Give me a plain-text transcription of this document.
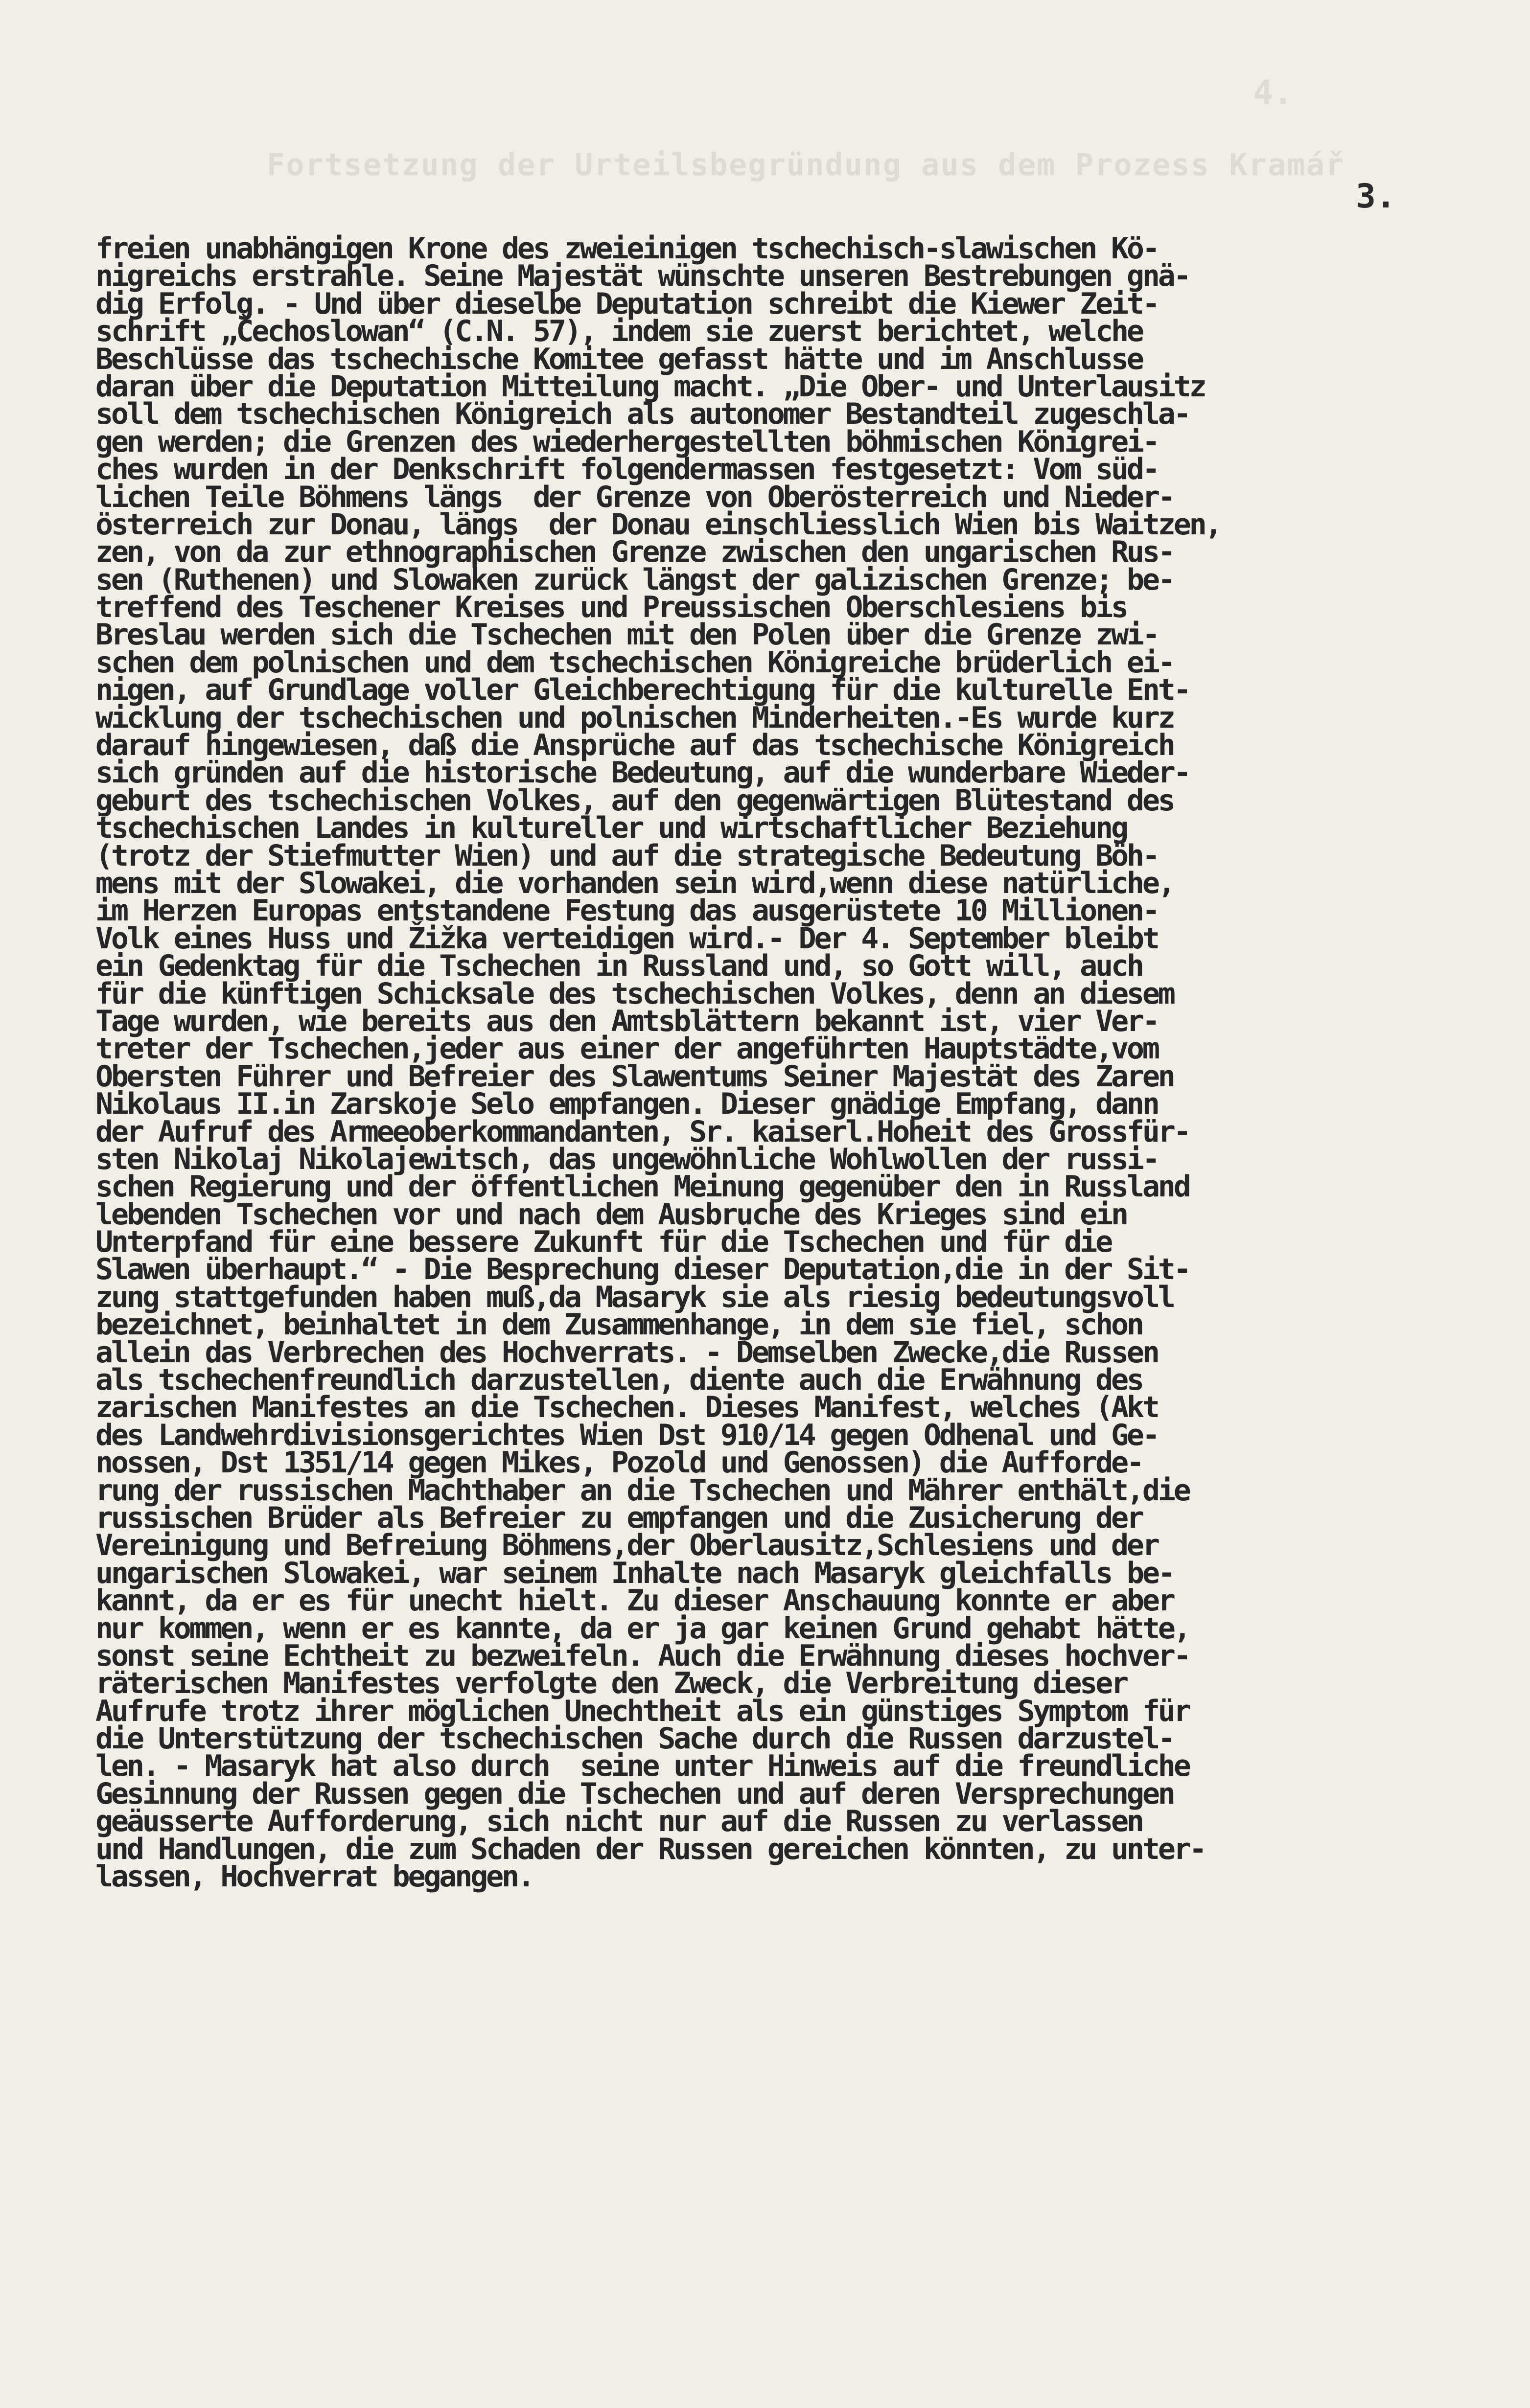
4.
Fortsetzung der Urteilsbegründung aus dem Prozess Kramář
3.
freien unabhängigen Krone des zweieinigen tschechisch-slawischen Kö-
nigreichs erstrahle. Seine Majestät wünschte unseren Bestrebungen gnä-
dig Erfolg. - Und über dieselbe Deputation schreibt die Kiewer Zeit-
schrift „Čechoslowan“ (C.N. 57), indem sie zuerst berichtet, welche
Beschlüsse das tschechische Komitee gefasst hätte und im Anschlusse
daran über die Deputation Mitteilung macht. „Die Ober- und Unterlausitz
soll dem tschechischen Königreich als autonomer Bestandteil zugeschla-
gen werden; die Grenzen des wiederhergestellten böhmischen Königrei-
ches wurden in der Denkschrift folgendermassen festgesetzt: Vom süd-
lichen Teile Böhmens längs  der Grenze von Oberösterreich und Nieder-
österreich zur Donau, längs  der Donau einschliesslich Wien bis Waitzen,
zen, von da zur ethnographischen Grenze zwischen den ungarischen Rus-
sen (Ruthenen) und Slowaken zurück längst der galizischen Grenze; be-
treffend des Teschener Kreises und Preussischen Oberschlesiens bis
Breslau werden sich die Tschechen mit den Polen über die Grenze zwi-
schen dem polnischen und dem tschechischen Königreiche brüderlich ei-
nigen, auf Grundlage voller Gleichberechtigung für die kulturelle Ent-
wicklung der tschechischen und polnischen Minderheiten.-Es wurde kurz
darauf hingewiesen, daß die Ansprüche auf das tschechische Königreich
sich gründen auf die historische Bedeutung, auf die wunderbare Wieder-
geburt des tschechischen Volkes, auf den gegenwärtigen Blütestand des
tschechischen Landes in kultureller und wirtschaftlicher Beziehung
(trotz der Stiefmutter Wien) und auf die strategische Bedeutung Böh-
mens mit der Slowakei, die vorhanden sein wird,wenn diese natürliche,
im Herzen Europas entstandene Festung das ausgerüstete 10 Millionen-
Volk eines Huss und Žižka verteidigen wird.- Der 4. September bleibt
ein Gedenktag für die Tschechen in Russland und, so Gott will, auch
für die künftigen Schicksale des tschechischen Volkes, denn an diesem
Tage wurden, wie bereits aus den Amtsblättern bekannt ist, vier Ver-
treter der Tschechen,jeder aus einer der angeführten Hauptstädte,vom
Obersten Führer und Befreier des Slawentums Seiner Majestät des Zaren
Nikolaus II.in Zarskoje Selo empfangen. Dieser gnädige Empfang, dann
der Aufruf des Armeeoberkommandanten, Sr. kaiserl.Hoheit des Grossfür-
sten Nikolaj Nikolajewitsch, das ungewöhnliche Wohlwollen der russi-
schen Regierung und der öffentlichen Meinung gegenüber den in Russland
lebenden Tschechen vor und nach dem Ausbruche des Krieges sind ein
Unterpfand für eine bessere Zukunft für die Tschechen und für die
Slawen überhaupt.“ - Die Besprechung dieser Deputation,die in der Sit-
zung stattgefunden haben muß,da Masaryk sie als riesig bedeutungsvoll
bezeichnet, beinhaltet in dem Zusammenhange, in dem sie fiel, schon
allein das Verbrechen des Hochverrats. - Demselben Zwecke,die Russen
als tschechenfreundlich darzustellen, diente auch die Erwähnung des
zarischen Manifestes an die Tschechen. Dieses Manifest, welches (Akt
des Landwehrdivisionsgerichtes Wien Dst 910/14 gegen Odhenal und Ge-
nossen, Dst 1351/14 gegen Mikes, Pozold und Genossen) die Aufforde-
rung der russischen Machthaber an die Tschechen und Mährer enthält,die
russischen Brüder als Befreier zu empfangen und die Zusicherung der
Vereinigung und Befreiung Böhmens,der Oberlausitz,Schlesiens und der
ungarischen Slowakei, war seinem Inhalte nach Masaryk gleichfalls be-
kannt, da er es für unecht hielt. Zu dieser Anschauung konnte er aber
nur kommen, wenn er es kannte, da er ja gar keinen Grund gehabt hätte,
sonst seine Echtheit zu bezweifeln. Auch die Erwähnung dieses hochver-
räterischen Manifestes verfolgte den Zweck, die Verbreitung dieser
Aufrufe trotz ihrer möglichen Unechtheit als ein günstiges Symptom für
die Unterstützung der tschechischen Sache durch die Russen darzustel-
len. - Masaryk hat also durch  seine unter Hinweis auf die freundliche
Gesinnung der Russen gegen die Tschechen und auf deren Versprechungen
geäusserte Aufforderung, sich nicht nur auf die Russen zu verlassen
und Handlungen, die zum Schaden der Russen gereichen könnten, zu unter-
lassen, Hochverrat begangen.
